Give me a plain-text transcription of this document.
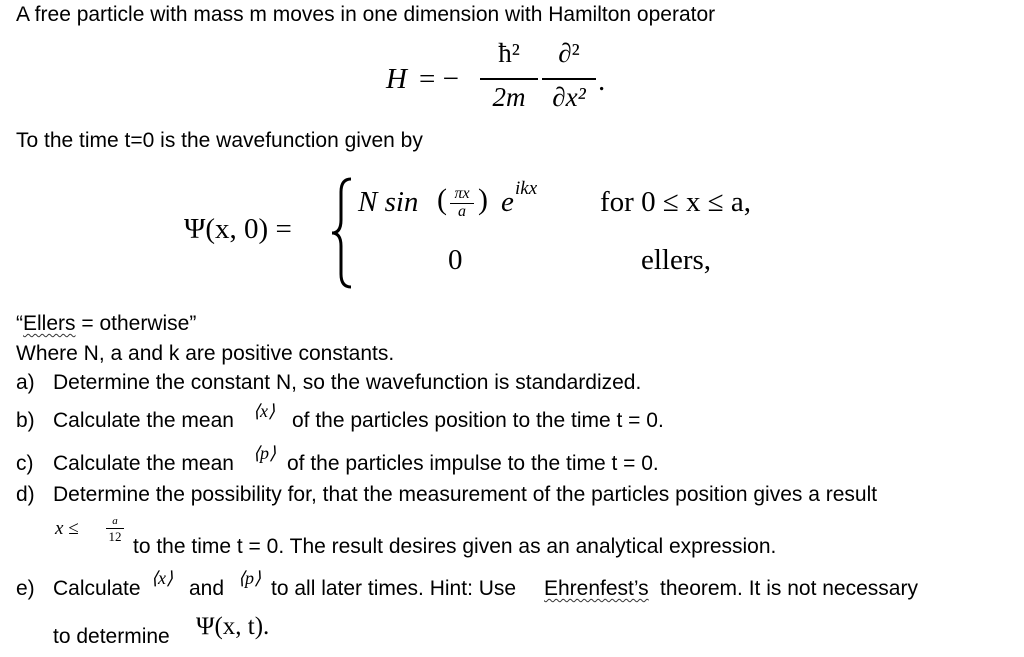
A free particle with mass m moves in one dimension with Hamilton operator
H = −
ħ²
2m
∂²
∂x² .
To the time t=0 is the wavefunction given by
Ψ(x, 0) =
N sin ( πx
a ) e ikx for 0 ≤ x ≤ a,
0	ellers,
“Ellers = otherwise”
Where N, a and k are positive constants.
a) Determine the constant N, so the wavefunction is standardized.
b) Calculate the mean ⟨x⟩ of the particles position to the time t = 0.
c) Calculate the mean ⟨p⟩ of the particles impulse to the time t = 0.
d) Determine the possibility for, that the measurement of the particles position gives a result
x ≤	a
12 to the time t = 0. The result desires given as an analytical expression.
e) Calculate ⟨x⟩ and ⟨p⟩ to all later times. Hint: Use Ehrenfest’s theorem. It is not necessary
to determine Ψ(x, t).
